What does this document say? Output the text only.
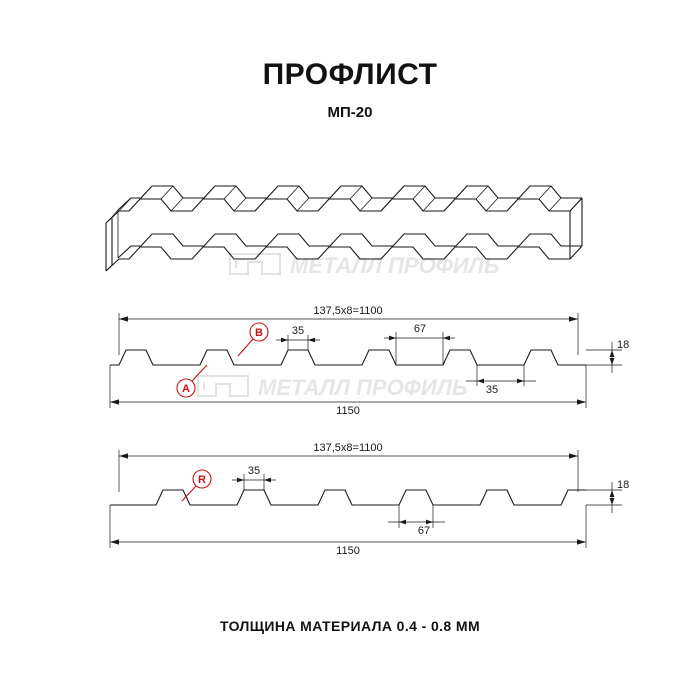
ПРОФЛИСТ
МП-20
ТОЛЩИНА МАТЕРИАЛА 0.4 - 0.8 ММ
МЕТАЛЛ ПРОФИЛЬ
МЕТАЛЛ ПРОФИЛЬ
137,5х8=1100
18
35	67
35
1150
A
B
137,5х8=1100
18
35
67
1150
R
